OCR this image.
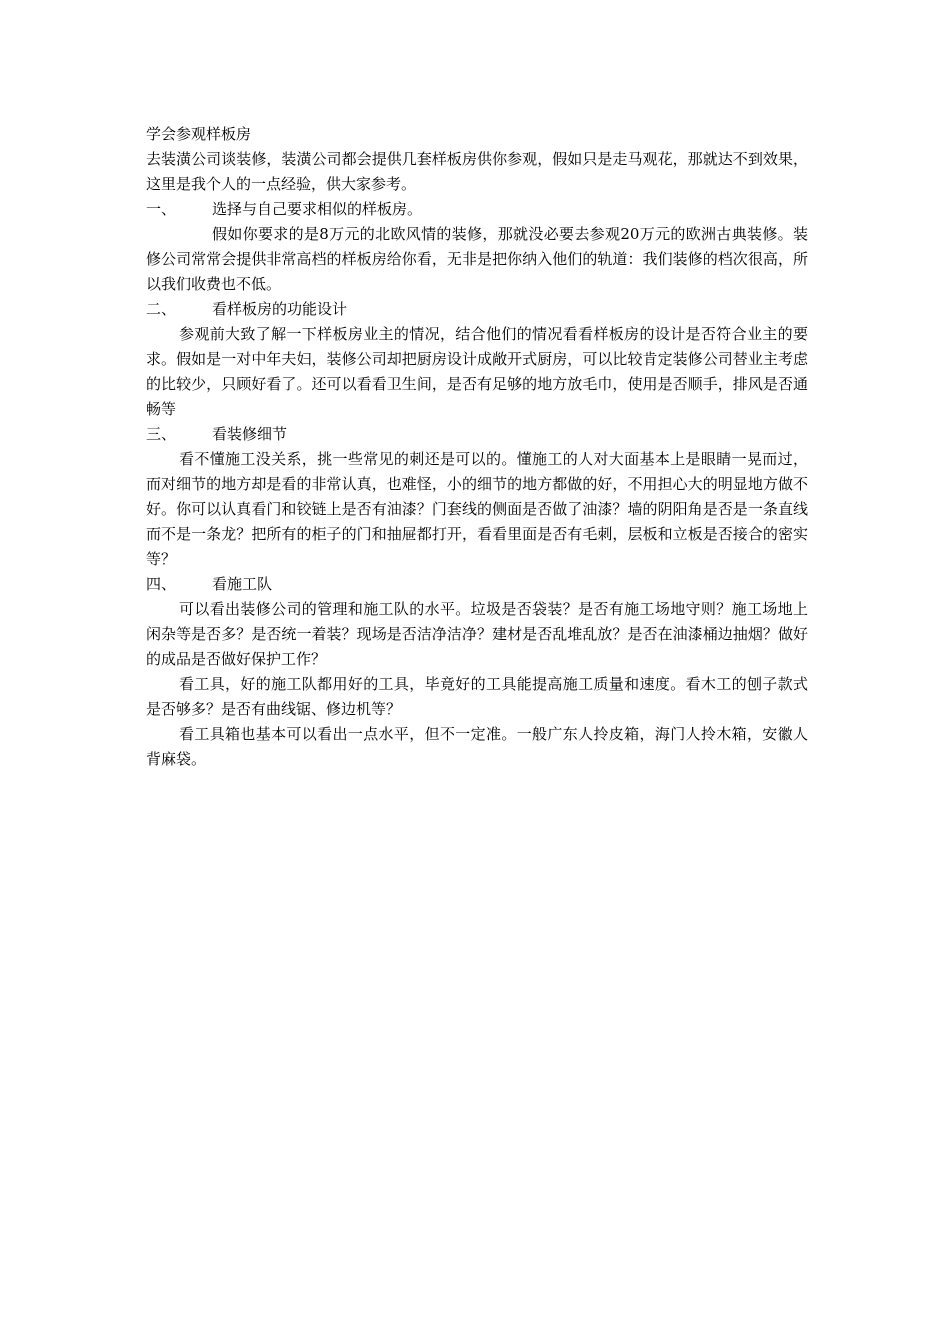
学会参观样板房

去装潢公司谈装修，装潢公司都会提供几套样板房供你参观，假如只是走马观花，那就达不到效果，这里是我个人的一点经验，供大家参考。

一、	选择与自己要求相似的样板房。

假如你要求的是8万元的北欧风情的装修，那就没必要去参观20万元的欧洲古典装修。装修公司常常会提供非常高档的样板房给你看，无非是把你纳入他们的轨道：我们装修的档次很高，所以我们收费也不低。

二、	看样板房的功能设计

参观前大致了解一下样板房业主的情况，结合他们的情况看看样板房的设计是否符合业主的要求。假如是一对中年夫妇，装修公司却把厨房设计成敞开式厨房，可以比较肯定装修公司替业主考虑的比较少，只顾好看了。还可以看看卫生间，是否有足够的地方放毛巾，使用是否顺手，排风是否通畅等

三、	看装修细节

看不懂施工没关系，挑一些常见的刺还是可以的。懂施工的人对大面基本上是眼睛一晃而过，而对细节的地方却是看的非常认真，也难怪，小的细节的地方都做的好，不用担心大的明显地方做不好。你可以认真看门和铰链上是否有油漆？门套线的侧面是否做了油漆？墙的阴阳角是否是一条直线而不是一条龙？把所有的柜子的门和抽屉都打开，看看里面是否有毛刺，层板和立板是否接合的密实等？

四、	看施工队

可以看出装修公司的管理和施工队的水平。垃圾是否袋装？是否有施工场地守则？施工场地上闲杂等是否多？是否统一着装？现场是否洁净洁净？建材是否乱堆乱放？是否在油漆桶边抽烟？做好的成品是否做好保护工作？

看工具，好的施工队都用好的工具，毕竟好的工具能提高施工质量和速度。看木工的刨子款式是否够多？是否有曲线锯、修边机等？

看工具箱也基本可以看出一点水平，但不一定准。一般广东人拎皮箱，海门人拎木箱，安徽人背麻袋。
